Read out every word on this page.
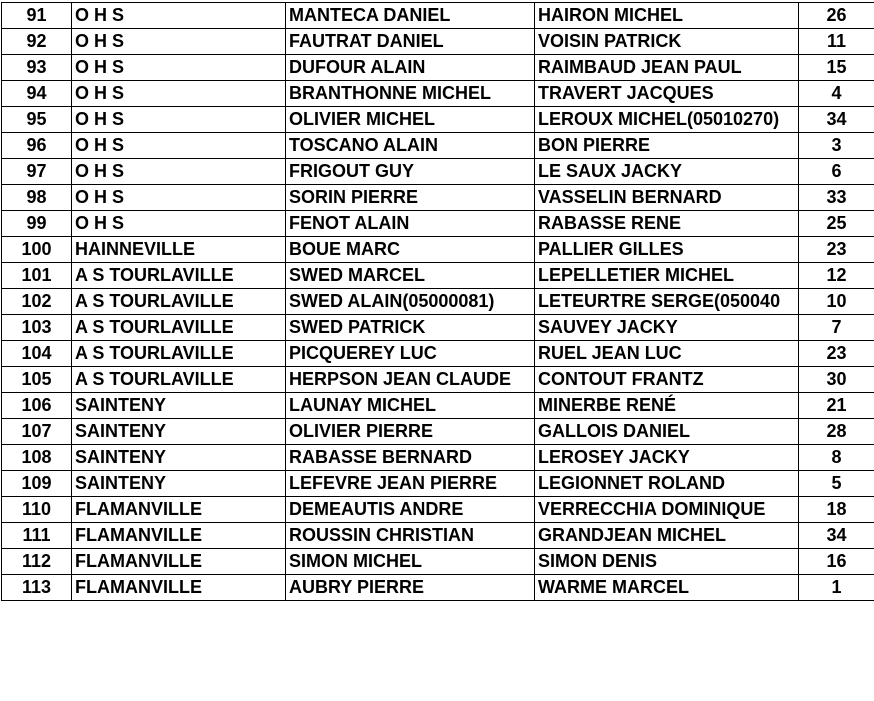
91	O H S	MANTECA DANIEL	HAIRON MICHEL	26
92	O H S	FAUTRAT DANIEL	VOISIN PATRICK	11
93	O H S	DUFOUR ALAIN	RAIMBAUD JEAN PAUL	15
94	O H S	BRANTHONNE MICHEL	TRAVERT JACQUES	4
95	O H S	OLIVIER MICHEL	LEROUX MICHEL(05010270)	34
96	O H S	TOSCANO ALAIN	BON PIERRE	3
97	O H S	FRIGOUT GUY	LE SAUX JACKY	6
98	O H S	SORIN PIERRE	VASSELIN BERNARD	33
99	O H S	FENOT ALAIN	RABASSE RENE	25
100	HAINNEVILLE	BOUE MARC	PALLIER GILLES	23
101	A S TOURLAVILLE	SWED MARCEL	LEPELLETIER MICHEL	12
102	A S TOURLAVILLE	SWED ALAIN(05000081)	LETEURTRE SERGE(050040	10
103	A S TOURLAVILLE	SWED PATRICK	SAUVEY JACKY	7
104	A S TOURLAVILLE	PICQUEREY LUC	RUEL JEAN LUC	23
105	A S TOURLAVILLE	HERPSON JEAN CLAUDE	CONTOUT FRANTZ	30
106	SAINTENY	LAUNAY MICHEL	MINERBE RENÉ	21
107	SAINTENY	OLIVIER PIERRE	GALLOIS DANIEL	28
108	SAINTENY	RABASSE BERNARD	LEROSEY JACKY	8
109	SAINTENY	LEFEVRE JEAN PIERRE	LEGIONNET ROLAND	5
110	FLAMANVILLE	DEMEAUTIS ANDRE	VERRECCHIA DOMINIQUE	18
111	FLAMANVILLE	ROUSSIN CHRISTIAN	GRANDJEAN MICHEL	34
112	FLAMANVILLE	SIMON MICHEL	SIMON DENIS	16
113	FLAMANVILLE	AUBRY PIERRE	WARME MARCEL	1
